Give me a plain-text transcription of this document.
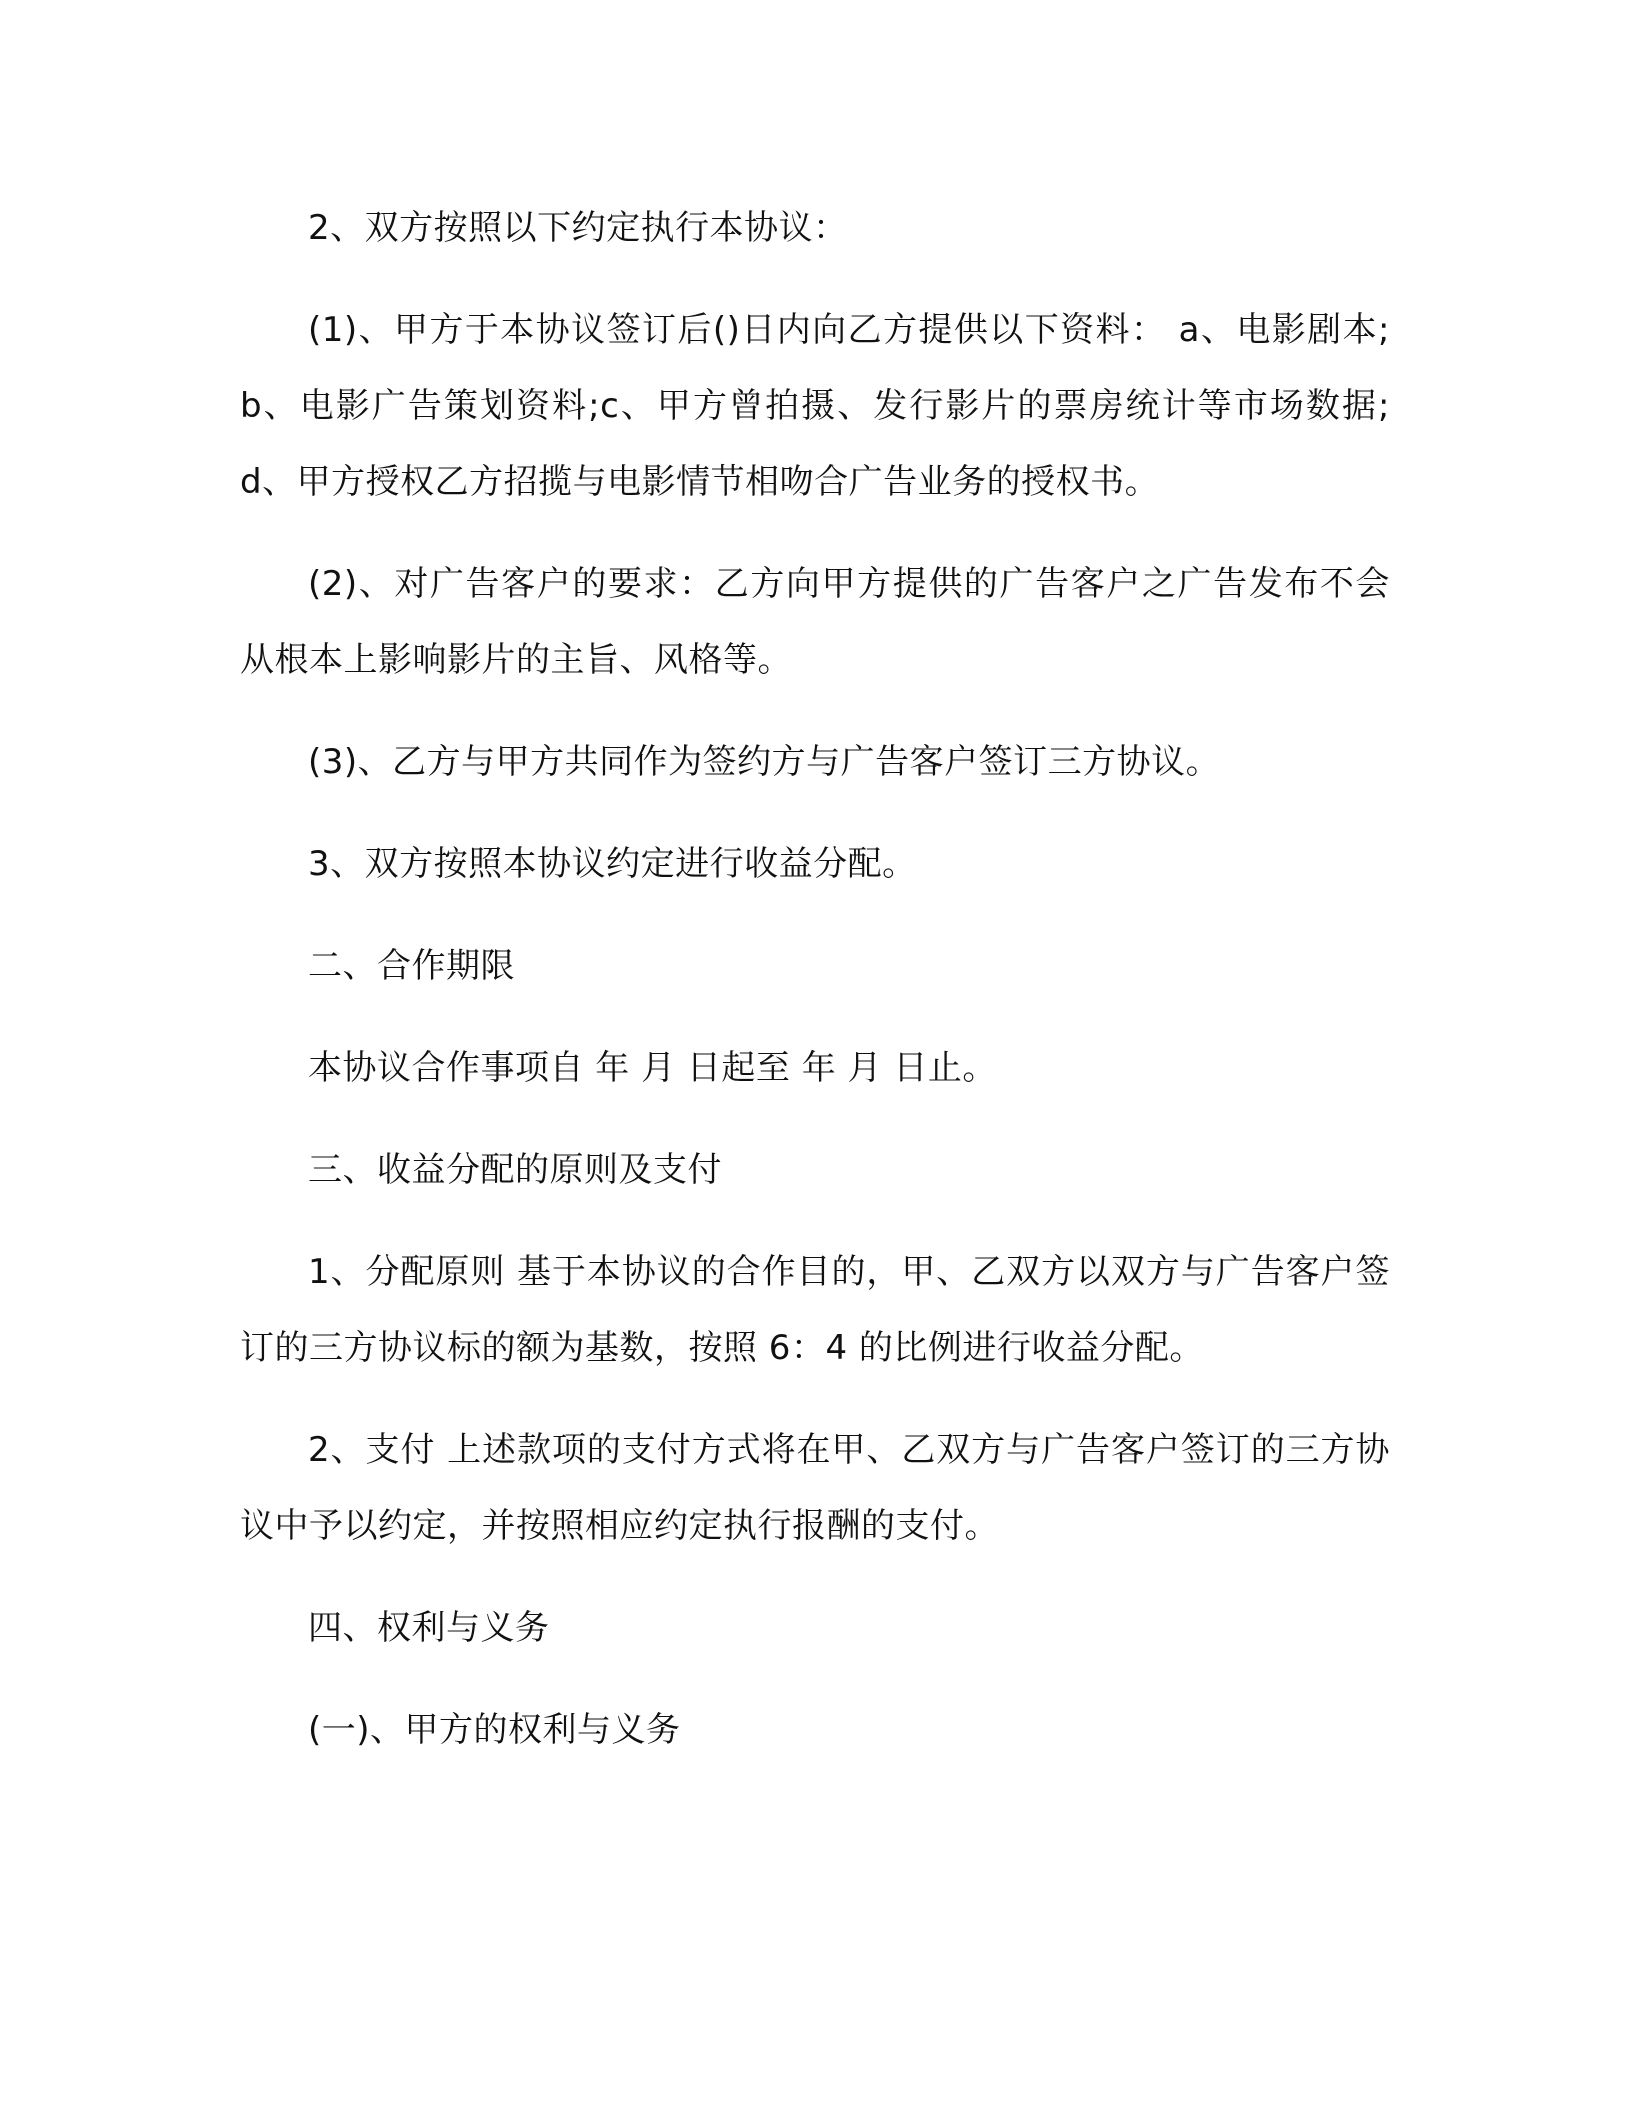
2、双方按照以下约定执行本协议：

(1)、甲方于本协议签订后()日内向乙方提供以下资料： a、电影剧本; b、电影广告策划资料;c、甲方曾拍摄、发行影片的票房统计等市场数据; d、甲方授权乙方招揽与电影情节相吻合广告业务的授权书。

(2)、对广告客户的要求：乙方向甲方提供的广告客户之广告发布不会从根本上影响影片的主旨、风格等。

(3)、乙方与甲方共同作为签约方与广告客户签订三方协议。

3、双方按照本协议约定进行收益分配。

二、合作期限

本协议合作事项自 年 月 日起至 年 月 日止。

三、收益分配的原则及支付

1、分配原则 基于本协议的合作目的，甲、乙双方以双方与广告客户签订的三方协议标的额为基数，按照 6：4 的比例进行收益分配。

2、支付 上述款项的支付方式将在甲、乙双方与广告客户签订的三方协议中予以约定，并按照相应约定执行报酬的支付。

四、权利与义务

(一)、甲方的权利与义务
